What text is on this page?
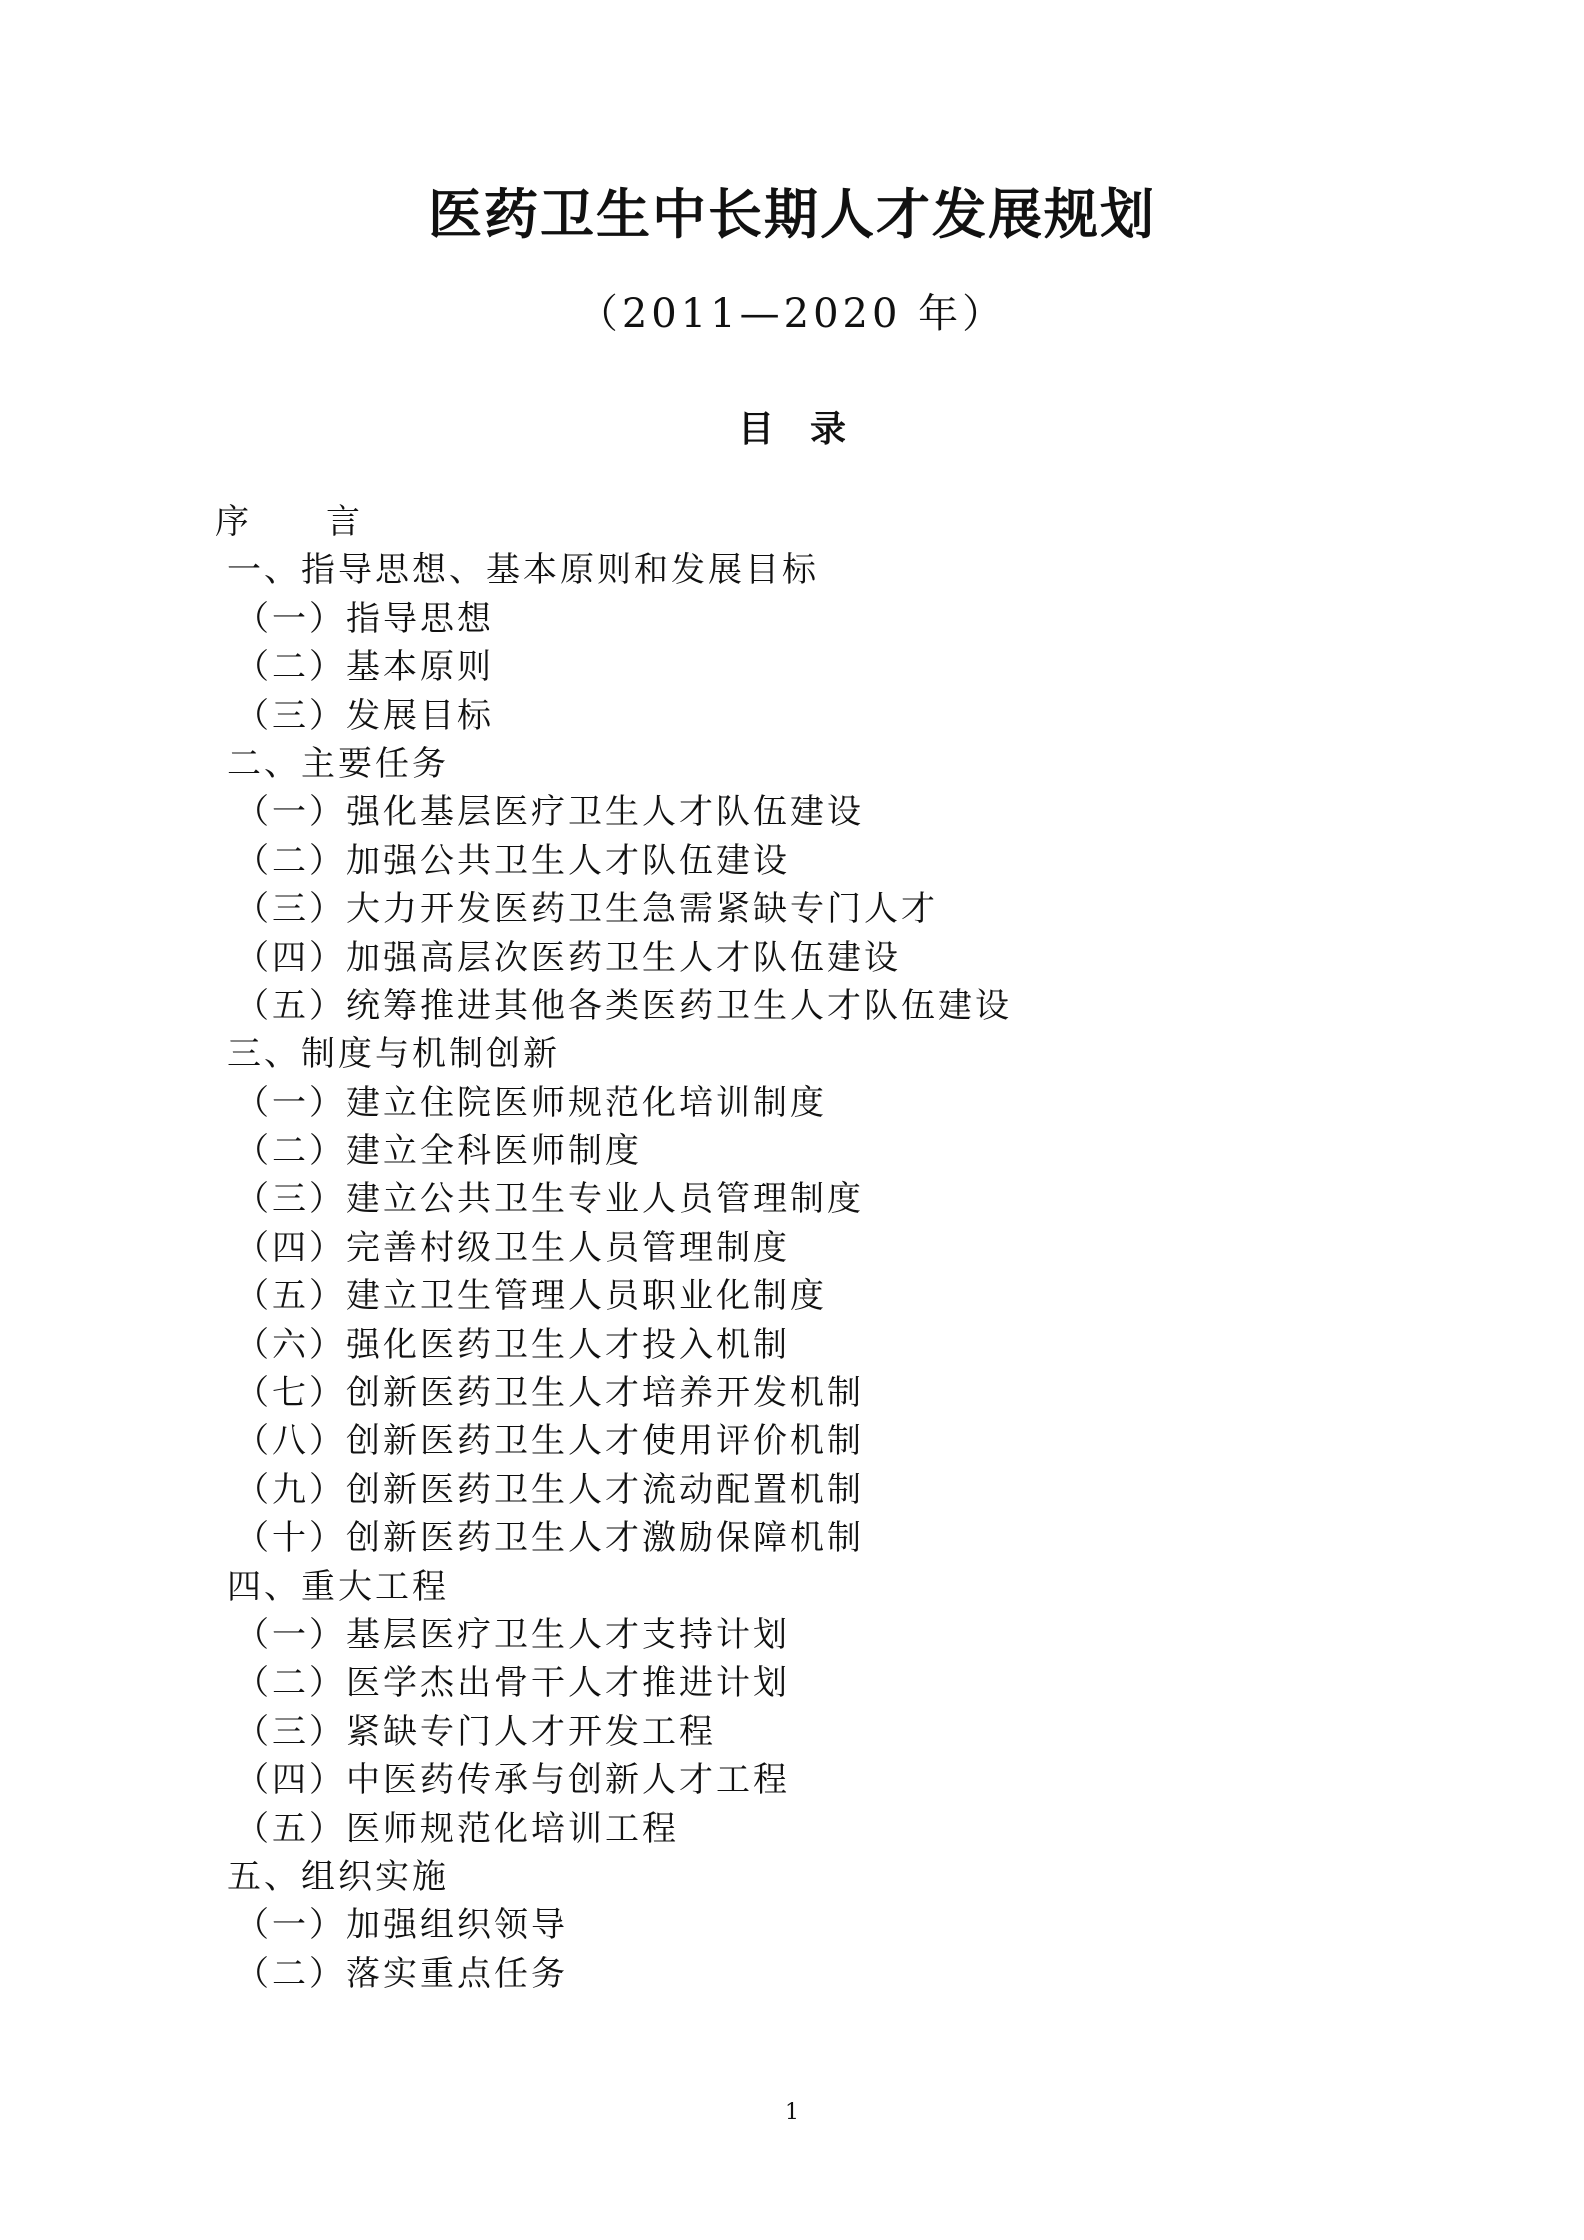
医药卫生中长期人才发展规划
（2011—2020 年）
目　录
序　　言
一、指导思想、基本原则和发展目标
（一）指导思想
（二）基本原则
（三）发展目标
二、主要任务
（一）强化基层医疗卫生人才队伍建设
（二）加强公共卫生人才队伍建设
（三）大力开发医药卫生急需紧缺专门人才
（四）加强高层次医药卫生人才队伍建设
（五）统筹推进其他各类医药卫生人才队伍建设
三、制度与机制创新
（一）建立住院医师规范化培训制度
（二）建立全科医师制度
（三）建立公共卫生专业人员管理制度
（四）完善村级卫生人员管理制度
（五）建立卫生管理人员职业化制度
（六）强化医药卫生人才投入机制
（七）创新医药卫生人才培养开发机制
（八）创新医药卫生人才使用评价机制
（九）创新医药卫生人才流动配置机制
（十）创新医药卫生人才激励保障机制
四、重大工程
（一）基层医疗卫生人才支持计划
（二）医学杰出骨干人才推进计划
（三）紧缺专门人才开发工程
（四）中医药传承与创新人才工程
（五）医师规范化培训工程
五、组织实施
（一）加强组织领导
（二）落实重点任务
1
